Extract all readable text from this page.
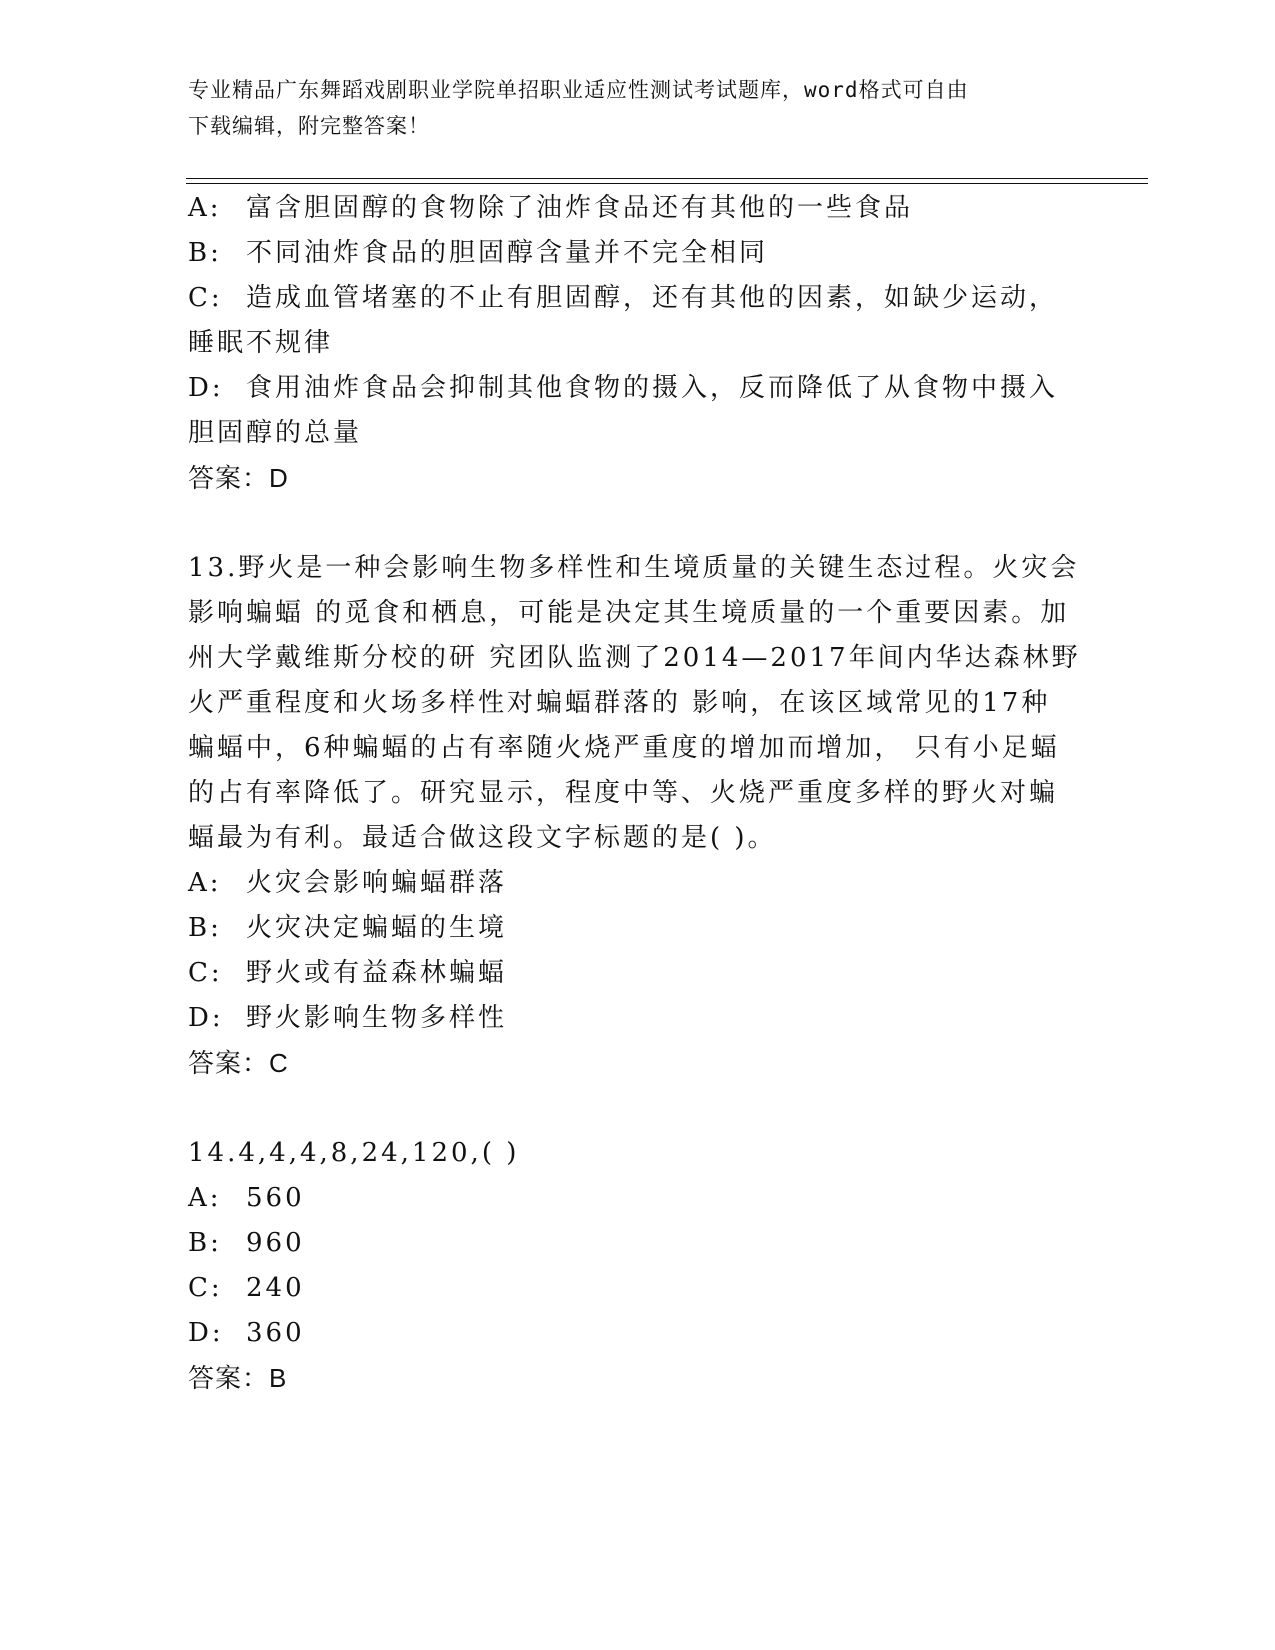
专业精品广东舞蹈戏剧职业学院单招职业适应性测试考试题库，word格式可自由
下载编辑，附完整答案！
A: 富含胆固醇的食物除了油炸食品还有其他的一些食品
B: 不同油炸食品的胆固醇含量并不完全相同
C: 造成血管堵塞的不止有胆固醇，还有其他的因素，如缺少运动，
睡眠不规律
D: 食用油炸食品会抑制其他食物的摄入，反而降低了从食物中摄入
胆固醇的总量
答案：D
13.野火是一种会影响生物多样性和生境质量的关键生态过程。火灾会
影响蝙蝠 的觅食和栖息，可能是决定其生境质量的一个重要因素。加
州大学戴维斯分校的研 究团队监测了2014—2017年间内华达森林野
火严重程度和火场多样性对蝙蝠群落的 影响，在该区域常见的17种
蝙蝠中，6种蝙蝠的占有率随火烧严重度的增加而增加， 只有小足蝠
的占有率降低了。研究显示，程度中等、火烧严重度多样的野火对蝙
蝠最为有利。最适合做这段文字标题的是( )。
A: 火灾会影响蝙蝠群落
B: 火灾决定蝙蝠的生境
C: 野火或有益森林蝙蝠
D: 野火影响生物多样性
答案：C
14.4,4,4,8,24,120,( )
A: 560
B: 960
C: 240
D: 360
答案：B
